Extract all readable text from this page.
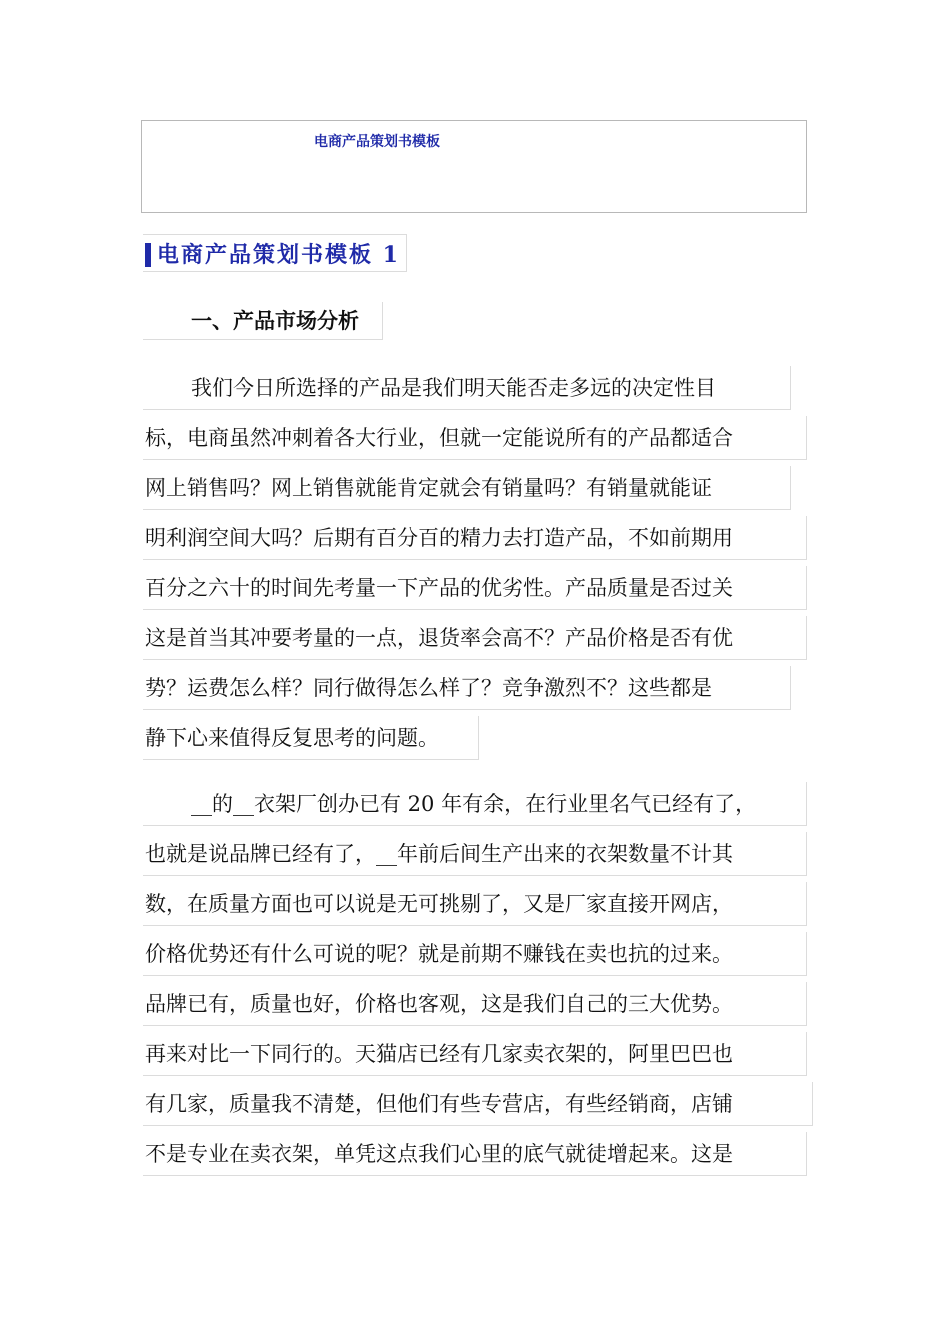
电商产品策划书模板
电商产品策划书模板 1
一、产品市场分析
我们今日所选择的产品是我们明天能否走多远的决定性目
标，电商虽然冲刺着各大行业，但就一定能说所有的产品都适合
网上销售吗？网上销售就能肯定就会有销量吗？有销量就能证
明利润空间大吗？后期有百分百的精力去打造产品，不如前期用
百分之六十的时间先考量一下产品的优劣性。产品质量是否过关
这是首当其冲要考量的一点，退货率会高不？产品价格是否有优
势？运费怎么样？同行做得怎么样了？竞争激烈不？这些都是
静下心来值得反复思考的问题。
__的__衣架厂创办已有 20 年有余，在行业里名气已经有了，
也就是说品牌已经有了，__年前后间生产出来的衣架数量不计其
数，在质量方面也可以说是无可挑剔了，又是厂家直接开网店，
价格优势还有什么可说的呢？就是前期不赚钱在卖也抗的过来。
品牌已有，质量也好，价格也客观，这是我们自己的三大优势。
再来对比一下同行的。天猫店已经有几家卖衣架的，阿里巴巴也
有几家，质量我不清楚，但他们有些专营店，有些经销商，店铺
不是专业在卖衣架，单凭这点我们心里的底气就徒增起来。这是
